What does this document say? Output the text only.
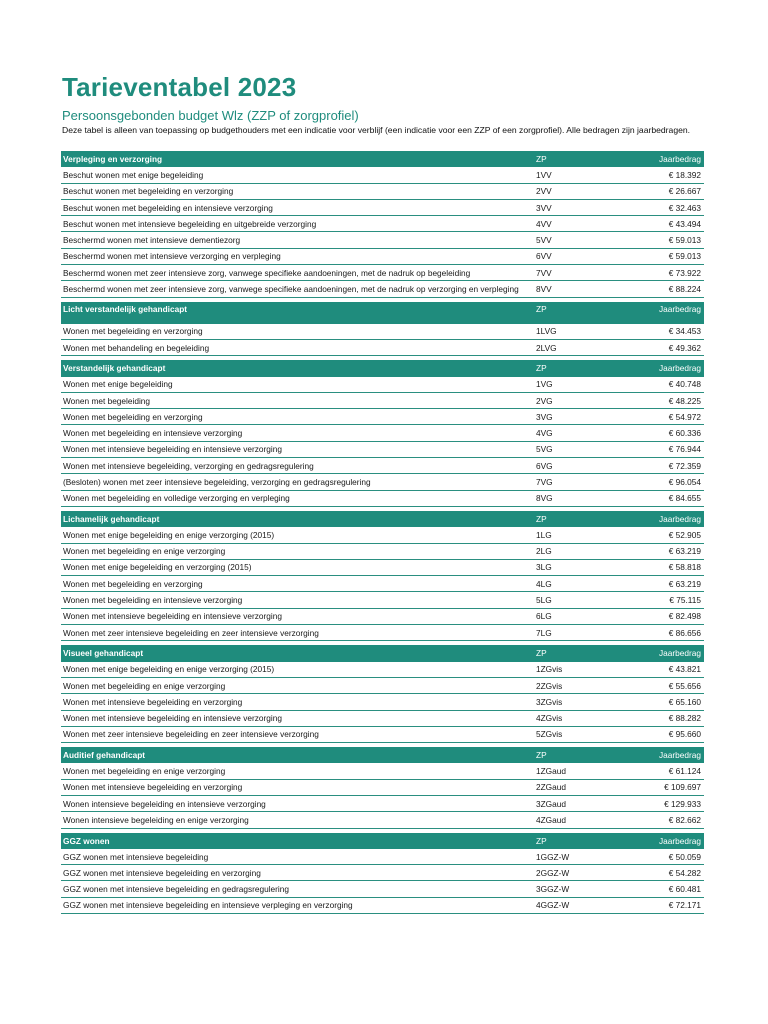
Tarieventabel 2023
Persoonsgebonden budget Wlz (ZZP of zorgprofiel)
Deze tabel is alleen van toepassing op budgethouders met een indicatie voor verblijf (een indicatie voor een ZZP of een zorgprofiel). Alle bedragen zijn jaarbedragen.
Verpleging en verzorging	ZP	Jaarbedrag
Beschut wonen met enige begeleiding	1VV	€ 18.392
Beschut wonen met begeleiding en verzorging	2VV	€ 26.667
Beschut wonen met begeleiding en intensieve verzorging	3VV	€ 32.463
Beschut wonen met intensieve begeleiding en uitgebreide verzorging	4VV	€ 43.494
Beschermd wonen met intensieve dementiezorg	5VV	€ 59.013
Beschermd wonen met intensieve verzorging en verpleging	6VV	€ 59.013
Beschermd wonen met zeer intensieve zorg, vanwege specifieke aandoeningen, met de nadruk op begeleiding	7VV	€ 73.922
Beschermd wonen met zeer intensieve zorg, vanwege specifieke aandoeningen, met de nadruk op verzorging en verpleging	8VV	€ 88.224
Licht verstandelijk gehandicapt	ZP	Jaarbedrag
Wonen met begeleiding en verzorging	1LVG	€ 34.453
Wonen met behandeling en begeleiding	2LVG	€ 49.362
Verstandelijk gehandicapt	ZP	Jaarbedrag
Wonen met enige begeleiding	1VG	€ 40.748
Wonen met begeleiding	2VG	€ 48.225
Wonen met begeleiding en verzorging	3VG	€ 54.972
Wonen met begeleiding en intensieve verzorging	4VG	€ 60.336
Wonen met intensieve begeleiding en intensieve verzorging	5VG	€ 76.944
Wonen met intensieve begeleiding, verzorging en gedragsregulering	6VG	€ 72.359
(Besloten) wonen met zeer intensieve begeleiding, verzorging en gedragsregulering	7VG	€ 96.054
Wonen met begeleiding en volledige verzorging en verpleging	8VG	€ 84.655
Lichamelijk gehandicapt	ZP	Jaarbedrag
Wonen met enige begeleiding en enige verzorging (2015)	1LG	€ 52.905
Wonen met begeleiding en enige verzorging	2LG	€ 63.219
Wonen met enige begeleiding en verzorging (2015)	3LG	€ 58.818
Wonen met begeleiding en verzorging	4LG	€ 63.219
Wonen met begeleiding en intensieve verzorging	5LG	€ 75.115
Wonen met intensieve begeleiding en intensieve verzorging	6LG	€ 82.498
Wonen met zeer intensieve begeleiding en zeer intensieve verzorging	7LG	€ 86.656
Visueel gehandicapt	ZP	Jaarbedrag
Wonen met enige begeleiding en enige verzorging (2015)	1ZGvis	€ 43.821
Wonen met begeleiding en enige verzorging	2ZGvis	€ 55.656
Wonen met intensieve begeleiding en verzorging	3ZGvis	€ 65.160
Wonen met intensieve begeleiding en intensieve verzorging	4ZGvis	€ 88.282
Wonen met zeer intensieve begeleiding en zeer intensieve verzorging	5ZGvis	€ 95.660
Auditief gehandicapt	ZP	Jaarbedrag
Wonen met begeleiding en enige verzorging	1ZGaud	€ 61.124
Wonen met intensieve begeleiding en verzorging	2ZGaud	€ 109.697
Wonen intensieve begeleiding en intensieve verzorging	3ZGaud	€ 129.933
Wonen intensieve begeleiding en enige verzorging	4ZGaud	€ 82.662
GGZ wonen	ZP	Jaarbedrag
GGZ wonen met intensieve begeleiding	1GGZ-W	€ 50.059
GGZ wonen met intensieve begeleiding en verzorging	2GGZ-W	€ 54.282
GGZ wonen met intensieve begeleiding en gedragsregulering	3GGZ-W	€ 60.481
GGZ wonen met intensieve begeleiding en intensieve verpleging en verzorging	4GGZ-W	€ 72.171
